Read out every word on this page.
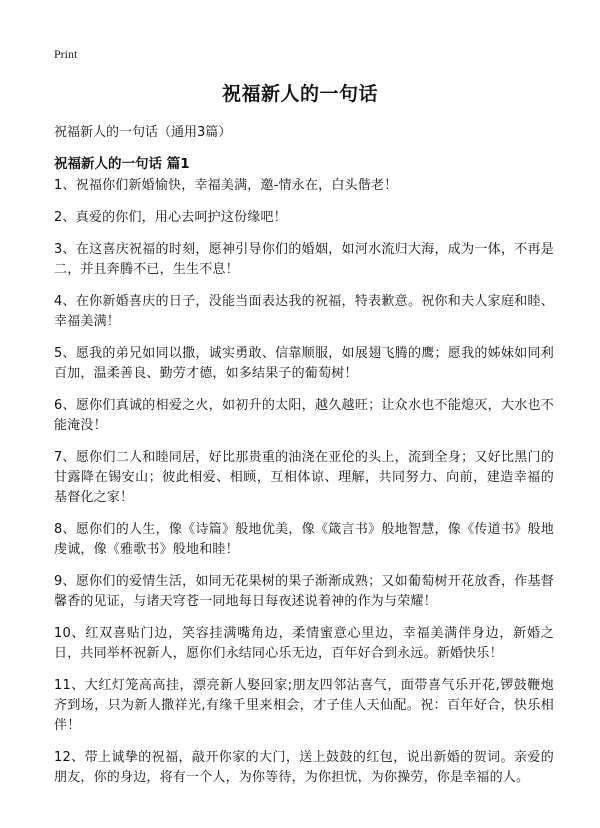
Print
祝福新人的一句话

祝福新人的一句话（通用3篇）

祝福新人的一句话 篇1
1、祝福你们新婚愉快，幸福美满，邀-情永在，白头偕老！
2、真爱的你们，用心去呵护这份缘吧！
3、在这喜庆祝福的时刻，愿神引导你们的婚姻，如河水流归大海，成为一体，不再是二，并且奔腾不已，生生不息！
4、在你新婚喜庆的日子，没能当面表达我的祝福，特表歉意。祝你和夫人家庭和睦、幸福美满！
5、愿我的弟兄如同以撒，诚实勇敢、信靠顺服，如展翅飞腾的鹰；愿我的姊妹如同利百加，温柔善良、勤劳才德，如多结果子的葡萄树！
6、愿你们真诚的相爱之火，如初升的太阳，越久越旺；让众水也不能熄灭，大水也不能淹没！
7、愿你们二人和睦同居，好比那贵重的油浇在亚伦的头上，流到全身；又好比黑门的甘露降在锡安山；彼此相爱、相顾，互相体谅、理解，共同努力、向前，建造幸福的基督化之家！
8、愿你们的人生，像《诗篇》般地优美，像《箴言书》般地智慧，像《传道书》般地虔诚，像《雅歌书》般地和睦！
9、愿你们的爱情生活，如同无花果树的果子渐渐成熟；又如葡萄树开花放香，作基督馨香的见证，与诸天穹苍一同地每日每夜述说着神的作为与荣耀！
10、红双喜贴门边，笑容挂满嘴角边，柔情蜜意心里边，幸福美满伴身边，新婚之日，共同举杯祝新人，愿你们永结同心乐无边，百年好合到永远。新婚快乐！
11、大红灯笼高高挂，漂亮新人娶回家;朋友四邻沾喜气，面带喜气乐开花,锣鼓鞭炮齐到场，只为新人撒祥光,有缘千里来相会，才子佳人天仙配。祝：百年好合，快乐相伴！
12、带上诚挚的祝福，敲开你家的大门，送上鼓鼓的红包，说出新婚的贺词。亲爱的朋友，你的身边，将有一个人，为你等待，为你担忧，为你操劳，你是幸福的人。
